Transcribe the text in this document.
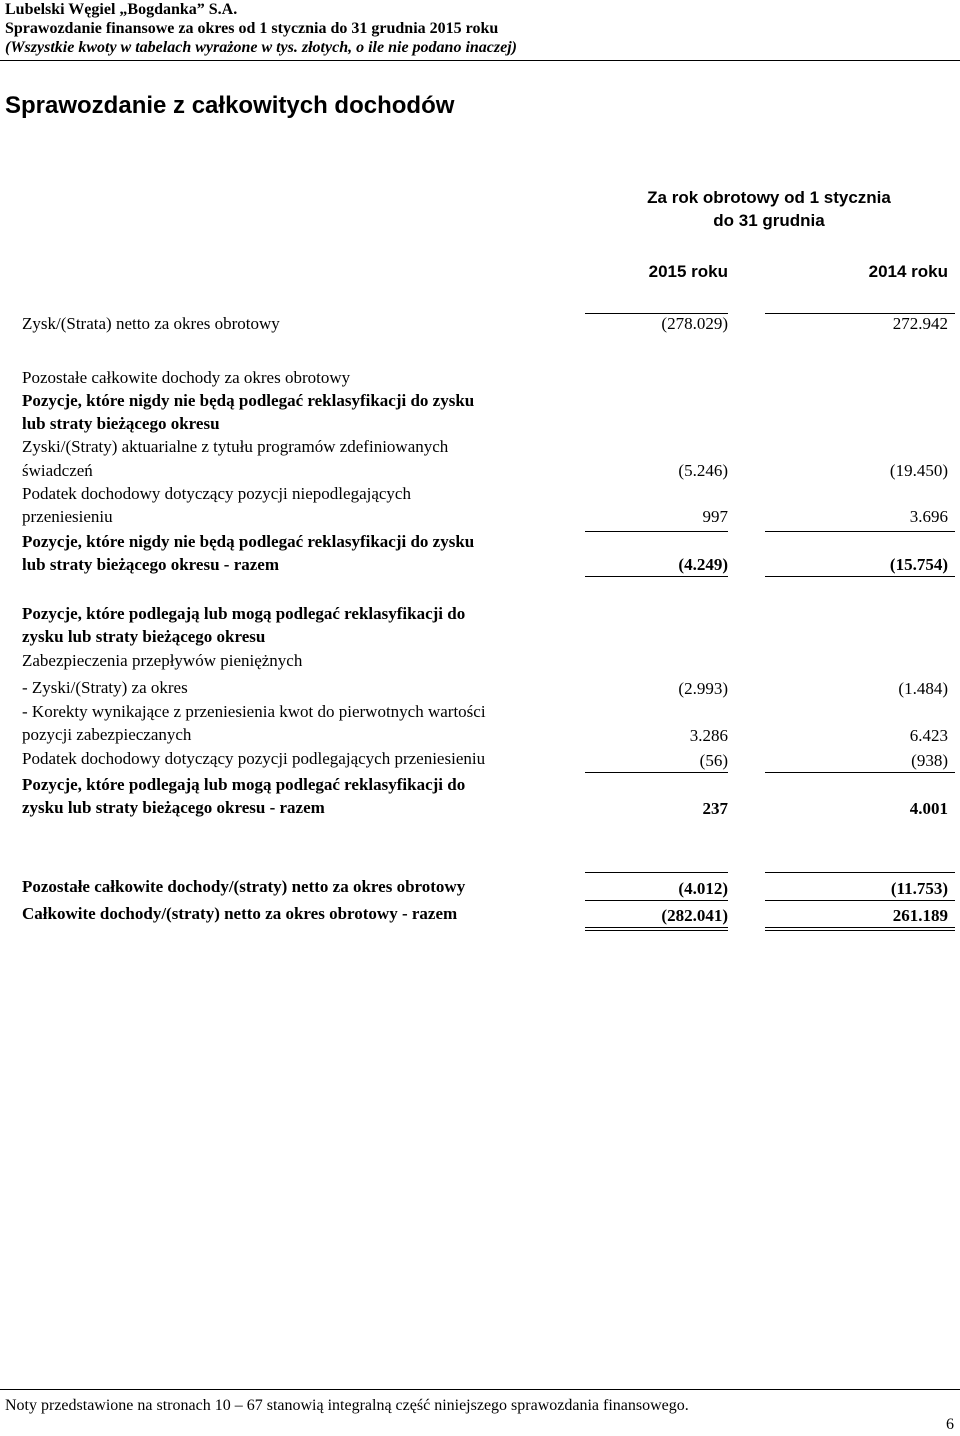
Lubelski Węgiel „Bogdanka” S.A.
Sprawozdanie finansowe za okres od 1 stycznia do 31 grudnia 2015 roku
(Wszystkie kwoty w tabelach wyrażone w tys. złotych, o ile nie podano inaczej)
Sprawozdanie z całkowitych dochodów
Za rok obrotowy od 1 stycznia
do 31 grudnia
2015 roku	2014 roku
Zysk/(Strata) netto za okres obrotowy	(278.029)	272.942
Pozostałe całkowite dochody za okres obrotowy
Pozycje, które nigdy nie będą podlegać reklasyfikacji do zysku
lub straty bieżącego okresu
Zyski/(Straty) aktuarialne z tytułu programów zdefiniowanych
świadczeń	(5.246)	(19.450)
Podatek dochodowy dotyczący pozycji niepodlegających
przeniesieniu	997	3.696
Pozycje, które nigdy nie będą podlegać reklasyfikacji do zysku
lub straty bieżącego okresu - razem	(4.249)	(15.754)
Pozycje, które podlegają lub mogą podlegać reklasyfikacji do
zysku lub straty bieżącego okresu
Zabezpieczenia przepływów pieniężnych
- Zyski/(Straty) za okres	(2.993)	(1.484)
- Korekty wynikające z przeniesienia kwot do pierwotnych wartości
pozycji zabezpieczanych	3.286	6.423
Podatek dochodowy dotyczący pozycji podlegających przeniesieniu	(56)	(938)
Pozycje, które podlegają lub mogą podlegać reklasyfikacji do
zysku lub straty bieżącego okresu - razem	237	4.001
Pozostałe całkowite dochody/(straty) netto za okres obrotowy	(4.012)	(11.753)
Całkowite dochody/(straty) netto za okres obrotowy - razem	(282.041)	261.189
Noty przedstawione na stronach 10 – 67 stanowią integralną część niniejszego sprawozdania finansowego.
6
